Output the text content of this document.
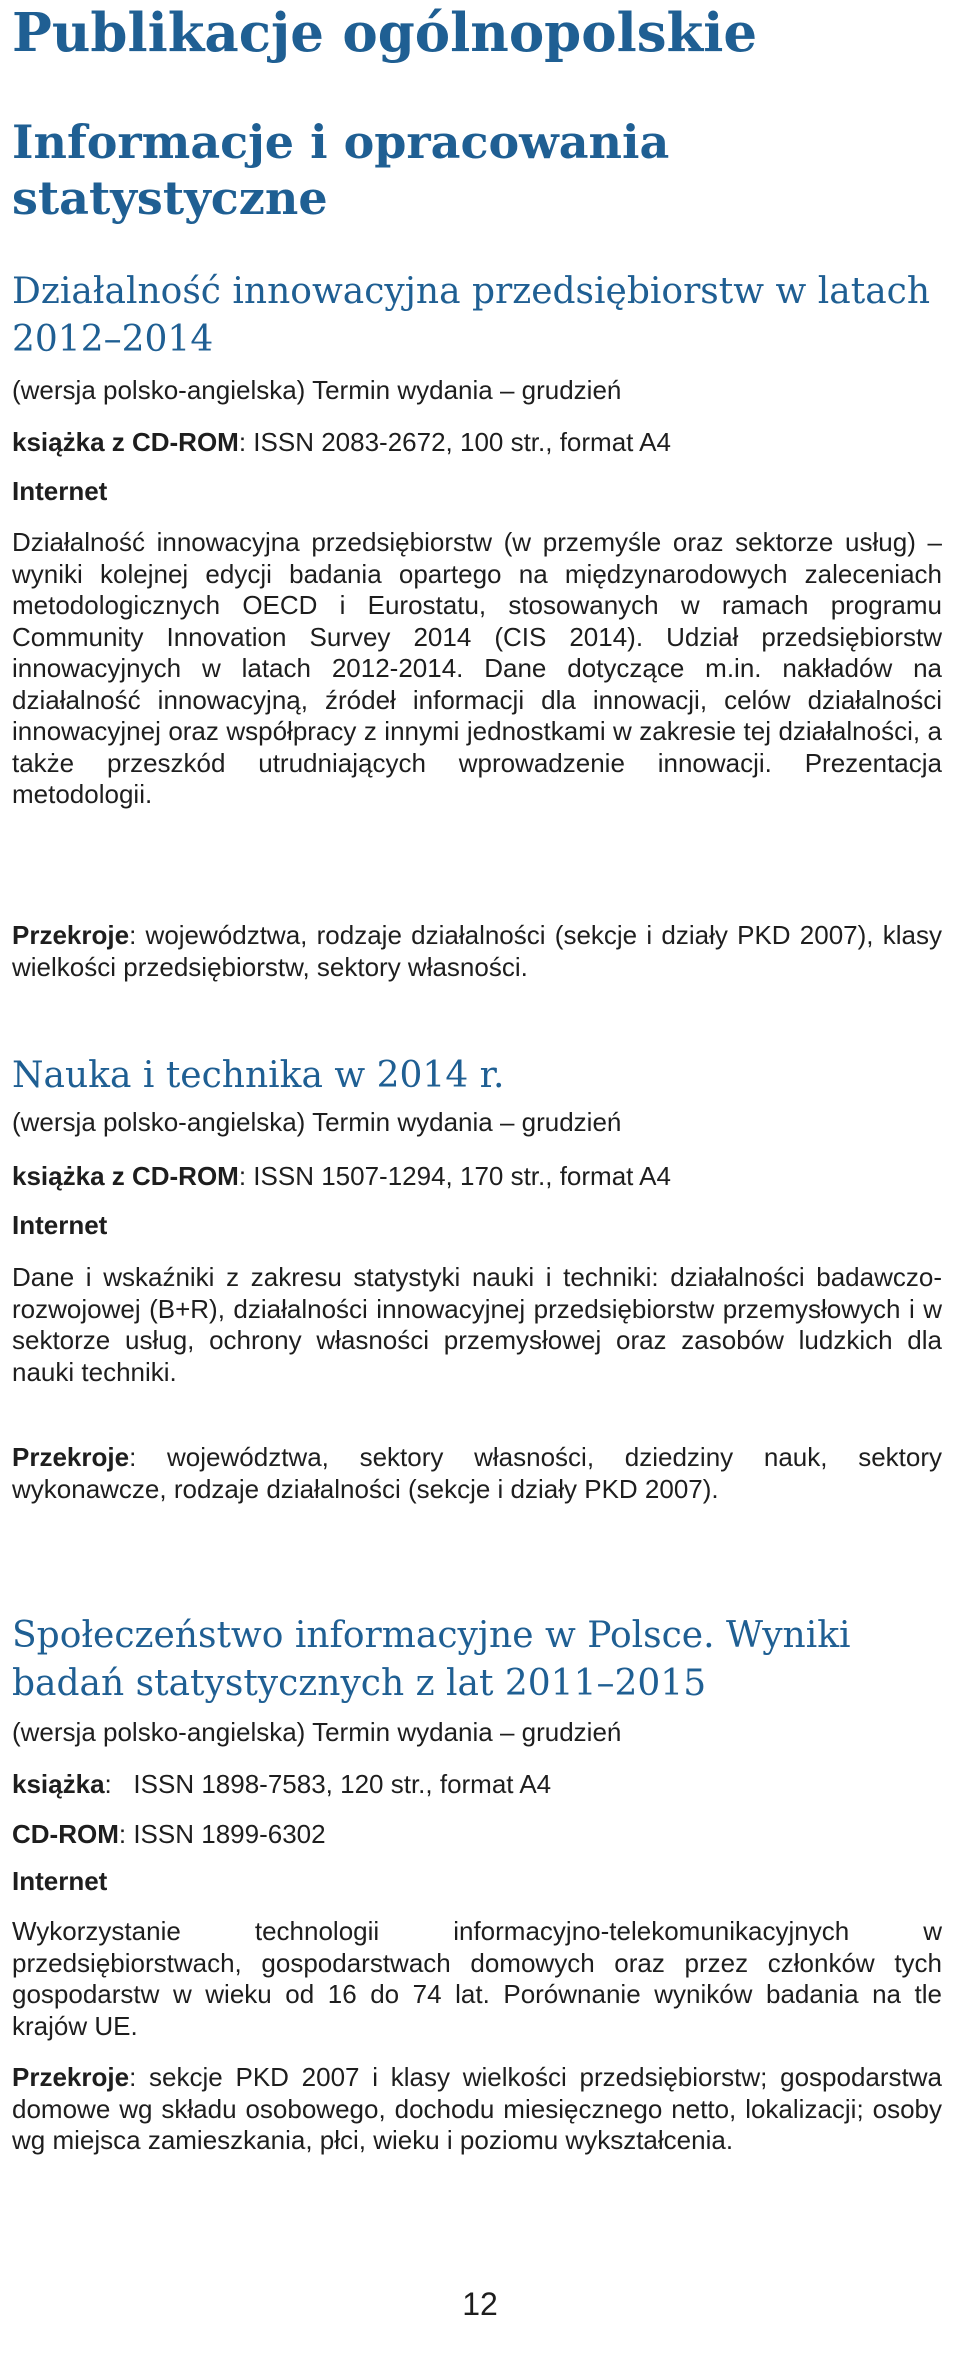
Publikacje ogólnopolskie
Informacje i opracowania statystyczne
Działalność innowacyjna przedsiębiorstw w latach 2012–2014
(wersja polsko-angielska) Termin wydania – grudzień
książka z CD-ROM: ISSN 2083-2672, 100 str., format A4
Internet
Działalność innowacyjna przedsiębiorstw (w przemyśle oraz sektorze usług) – wyniki kolejnej edycji badania opartego na międzynarodowych zaleceniach metodologicznych OECD i Eurostatu, stosowanych w ramach programu Community Innovation Survey 2014 (CIS 2014). Udział przedsiębiorstw innowacyjnych w latach 2012-2014. Dane dotyczące m.in. nakładów na działalność innowacyjną, źródeł informacji dla innowacji, celów działalności innowacyjnej oraz współpracy z innymi jednostkami w zakresie tej działalności, a także przeszkód utrudniających wprowadzenie innowacji. Prezentacja metodologii.
Przekroje: województwa, rodzaje działalności (sekcje i działy PKD 2007), klasy wielkości przedsiębiorstw, sektory własności.
Nauka i technika w 2014 r.
(wersja polsko-angielska) Termin wydania – grudzień
książka z CD-ROM: ISSN 1507-1294, 170 str., format A4
Internet
Dane i wskaźniki z zakresu statystyki nauki i techniki: działalności badawczo-rozwojowej (B+R), działalności innowacyjnej przedsiębiorstw przemysłowych i w sektorze usług, ochrony własności przemysłowej oraz zasobów ludzkich dla nauki techniki.
Przekroje: województwa, sektory własności, dziedziny nauk, sektory wykonawcze, rodzaje działalności (sekcje i działy PKD 2007).
Społeczeństwo informacyjne w Polsce. Wyniki badań statystycznych z lat 2011–2015
(wersja polsko-angielska) Termin wydania – grudzień
książka:   ISSN 1898-7583, 120 str., format A4
CD-ROM: ISSN 1899-6302
Internet
Wykorzystanie technologii informacyjno-telekomunikacyjnych w przedsiębiorstwach, gospodarstwach domowych oraz przez członków tych gospodarstw w wieku od 16 do 74 lat. Porównanie wyników badania na tle krajów UE.
Przekroje: sekcje PKD 2007 i klasy wielkości przedsiębiorstw; gospodarstwa domowe wg składu osobowego, dochodu miesięcznego netto, lokalizacji; osoby wg miejsca zamieszkania, płci, wieku i poziomu wykształcenia.
12
